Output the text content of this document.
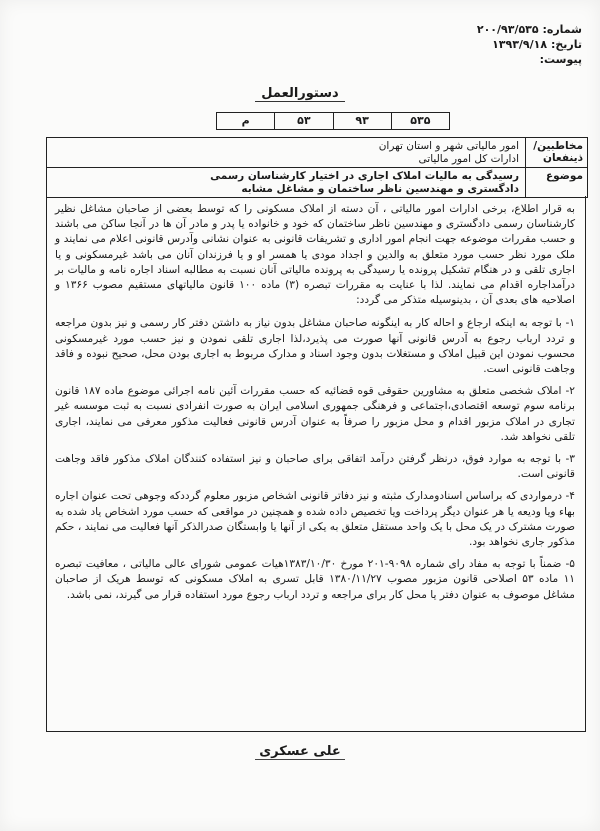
شماره: ۲۰۰/۹۳/۵۳۵
تاریخ: ۱۳۹۳/۹/۱۸
پیوست:
دستورالعمل
۵۳۵
۹۳
۵۳
م
مخاطبین/ ذینفعان
امور مالیاتی شهر و استان تهران
ادارات کل امور مالیاتی
موضوع
رسیدگی به مالیات املاک اجاری در اختیار کارشناسان رسمی
دادگستری و مهندسین ناظر ساختمان و مشاغل مشابه

به قرار اطلاع، برخی ادارات امور مالیاتی ، آن دسته از املاک مسکونی را که توسط بعضی از صاحبان مشاغل نظیر کارشناسان رسمی دادگستری و مهندسین ناظر ساختمان که خود و خانواده یا پدر و مادر آن ها در آنجا ساکن می باشند و حسب مقررات موضوعه جهت انجام امور اداری و تشریفات قانونی به عنوان نشانی وآدرس قانونی اعلام می نمایند و ملک مورد نظر حسب مورد متعلق به والدین و اجداد مودی یا همسر او و یا فرزندان آنان می باشد غیرمسکونی و یا اجاری تلقی و در هنگام تشکیل پرونده یا رسیدگی به پرونده مالیاتی آنان نسبت به مطالبه اسناد اجاره نامه و مالیات بر درآمداجاره اقدام می نمایند. لذا با عنایت به مقررات تبصره (۳) ماده ۱۰۰ قانون مالیاتهای مستقیم مصوب ۱۳۶۶ و اصلاحیه های بعدی آن ، بدینوسیله متذکر می گردد:

۱- با توجه به اینکه ارجاع و احاله کار به اینگونه صاحبان مشاغل بدون نیاز به داشتن دفتر کار رسمی و نیز بدون مراجعه و تردد ارباب رجوع به آدرس قانونی آنها صورت می پذیرد،لذا اجاری تلقی نمودن و نیز حسب مورد غیرمسکونی محسوب نمودن این قبیل املاک و مستغلات بدون وجود اسناد و مدارک مربوط به اجاری بودن محل، صحیح نبوده و فاقد وجاهت قانونی است.

۲- املاک شخصی متعلق به مشاورین حقوقی قوه قضائیه که حسب مقررات آئین نامه اجرائی موضوع ماده ۱۸۷ قانون برنامه سوم توسعه اقتصادی،اجتماعی و فرهنگی جمهوری اسلامی ایران به صورت انفرادی نسبت به ثبت موسسه غیر تجاری در املاک مزبور اقدام و محل مزبور را صرفاً به عنوان آدرس قانونی فعالیت مذکور معرفی می نمایند، اجاری تلقی نخواهد شد.

۳- با توجه به موارد فوق، درنظر گرفتن درآمد اتفاقی برای صاحبان و نیز استفاده کنندگان املاک مذکور فاقد وجاهت قانونی است.

۴- درمواردی که براساس اسنادومدارک مثبته و نیز دفاتر قانونی اشخاص مزبور معلوم گرددکه وجوهی تحت عنوان اجاره بهاء ویا ودیعه یا هر عنوان دیگر پرداخت ویا تخصیص داده شده و همچنین در مواقعی که حسب مورد اشخاص یاد شده به صورت مشترک در یک محل با یک واحد مستقل متعلق به یکی از آنها یا وابستگان صدرالذکر آنها فعالیت می نمایند ، حکم مذکور جاری نخواهد بود.

۵- ضمناً با توجه به مفاد رای شماره ۹۰۹۸-۲۰۱ مورخ ۱۳۸۳/۱۰/۳۰هیات عمومی شورای عالی مالیاتی ، معافیت تبصره ۱۱ ماده ۵۳ اصلاحی قانون مزبور مصوب ۱۳۸۰/۱۱/۲۷ قابل تسری به املاک مسکونی که توسط هریک از صاحبان مشاغل موصوف به عنوان دفتر یا محل کار برای مراجعه و تردد ارباب رجوع مورد استفاده قرار می گیرند، نمی باشد.

علی عسکری
